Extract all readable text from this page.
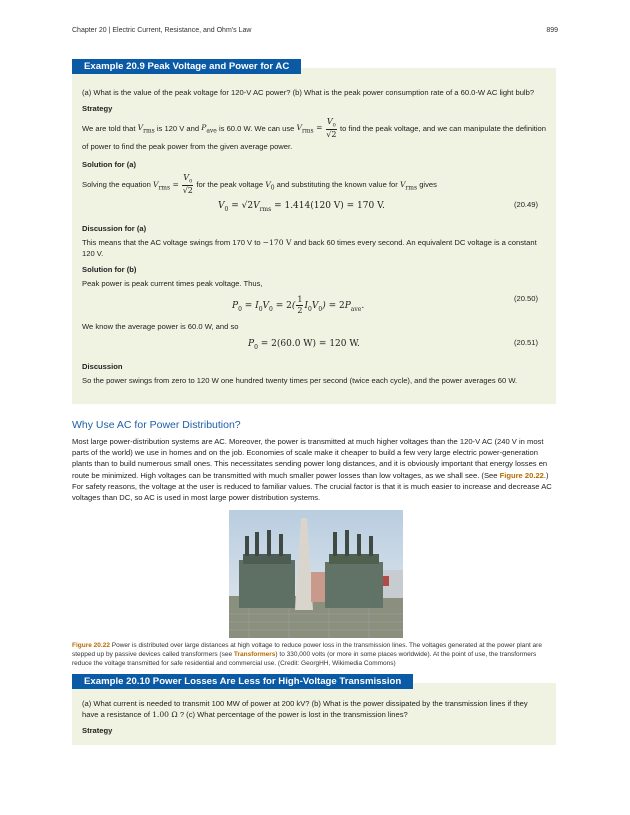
Chapter 20 | Electric Current, Resistance, and Ohm's Law	899
Example 20.9 Peak Voltage and Power for AC

(a) What is the value of the peak voltage for 120-V AC power? (b) What is the peak power consumption rate of a 60.0-W AC light bulb?

Strategy

We are told that $V_{rms}$ is 120 V and $P_{ave}$ is 60.0 W. We can use $V_{rms} = \frac{V_0}{√2}$ to find the peak voltage, and we can manipulate the definition of power to find the peak power from the given average power.

Solution for (a)

Solving the equation $V_{rms} = \frac{V_0}{√2}$ for the peak voltage $V_0$ and substituting the known value for $V_{rms}$ gives

$V_0 = √2V_{rms} = 1.414(120$ V) = 170 V.	(20.49)
Discussion for (a)

This means that the AC voltage swings from 170 V to −170 V and back 60 times every second. An equivalent DC voltage is a constant 120 V.

Solution for (b)

Peak power is peak current times peak voltage. Thus,

$P_0 = I_0V_0 = 2( \frac{1}{2} I_0V_0) = 2P_{ave}$.
(20.50)

We know the average power is 60.0 W, and so

$P_0 = 2(60.0$ W) = 120 W.	(20.51)
Discussion

So the power swings from zero to 120 W one hundred twenty times per second (twice each cycle), and the power averages 60 W.

Why Use AC for Power Distribution?

Most large power-distribution systems are AC. Moreover, the power is transmitted at much higher voltages than the 120-V AC (240 V in most parts of the world) we use in homes and on the job. Economies of scale make it cheaper to build a few very large electric power-generation plants than to build numerous small ones. This necessitates sending power long distances, and it is obviously important that energy losses en route be minimized. High voltages can be transmitted with much smaller power losses than low voltages, as we shall see. (See Figure 20.22.) For safety reasons, the voltage at the user is reduced to familiar values. The crucial factor is that it is much easier to increase and decrease AC voltages than DC, so AC is used in most large power distribution systems.

Figure 20.22 Power is distributed over large distances at high voltage to reduce power loss in the transmission lines. The voltages generated at the power plant are stepped up by passive devices called transformers (see Transformers) to 330,000 volts (or more in some places worldwide). At the point of use, the transformers reduce the voltage transmitted for safe residential and commercial use. (Credit: GeorgHH, Wikimedia Commons)

Example 20.10 Power Losses Are Less for High-Voltage Transmission

(a) What current is needed to transmit 100 MW of power at 200 kV? (b) What is the power dissipated by the transmission lines if they have a resistance of 1.00 Ω ? (c) What percentage of the power is lost in the transmission lines?

Strategy
